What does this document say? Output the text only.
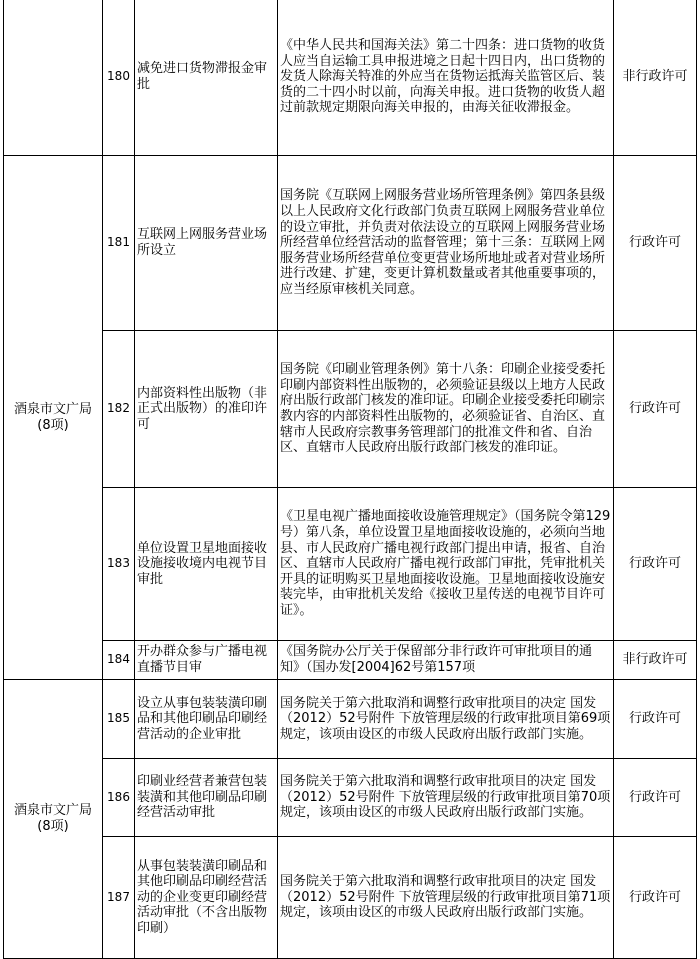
	180	减免进口货物滞报金审批	《中华人民共和国海关法》第二十四条：进口货物的收货人应当自运输工具申报进境之日起十四日内，出口货物的发货人除海关特准的外应当在货物运抵海关监管区后、装货的二十四小时以前，向海关申报。进口货物的收货人超过前款规定期限向海关申报的，由海关征收滞报金。	非行政许可
酒泉市文广局(8项)	181	互联网上网服务营业场所设立	国务院《互联网上网服务营业场所管理条例》第四条县级以上人民政府文化行政部门负责互联网上网服务营业单位的设立审批，并负责对依法设立的互联网上网服务营业场所经营单位经营活动的监督管理；第十三条：互联网上网服务营业场所经营单位变更营业场所地址或者对营业场所进行改建、扩建，变更计算机数量或者其他重要事项的，应当经原审核机关同意。	行政许可
	182	内部资料性出版物（非正式出版物）的准印许可	国务院《印刷业管理条例》第十八条：印刷企业接受委托印刷内部资料性出版物的，必须验证县级以上地方人民政府出版行政部门核发的准印证。印刷企业接受委托印刷宗教内容的内部资料性出版物的，必须验证省、自治区、直辖市人民政府宗教事务管理部门的批准文件和省、自治区、直辖市人民政府出版行政部门核发的准印证。	行政许可
	183	单位设置卫星地面接收设施接收境内电视节目审批	《卫星电视广播地面接收设施管理规定》（国务院令第129号）第八条，单位设置卫星地面接收设施的，必须向当地县、市人民政府广播电视行政部门提出申请，报省、自治区、直辖市人民政府广播电视行政部门审批，凭审批机关开具的证明购买卫星地面接收设施。卫星地面接收设施安装完毕，由审批机关发给《接收卫星传送的电视节目许可证》。	行政许可
	184	开办群众参与广播电视直播节目审	《国务院办公厅关于保留部分非行政许可审批项目的通知》（国办发[2004]62号第157项	非行政许可
酒泉市文广局(8项)	185	设立从事包装装潢印刷品和其他印刷品印刷经营活动的企业审批	国务院关于第六批取消和调整行政审批项目的决定 国发（2012）52号附件 下放管理层级的行政审批项目第69项规定，该项由设区的市级人民政府出版行政部门实施。	行政许可
	186	印刷业经营者兼营包装装潢和其他印刷品印刷经营活动审批	国务院关于第六批取消和调整行政审批项目的决定 国发（2012）52号附件 下放管理层级的行政审批项目第70项规定，该项由设区的市级人民政府出版行政部门实施。	行政许可
	187	从事包装装潢印刷品和其他印刷品印刷经营活动的企业变更印刷经营活动审批（不含出版物印刷）	国务院关于第六批取消和调整行政审批项目的决定 国发（2012）52号附件 下放管理层级的行政审批项目第71项规定，该项由设区的市级人民政府出版行政部门实施。	行政许可
